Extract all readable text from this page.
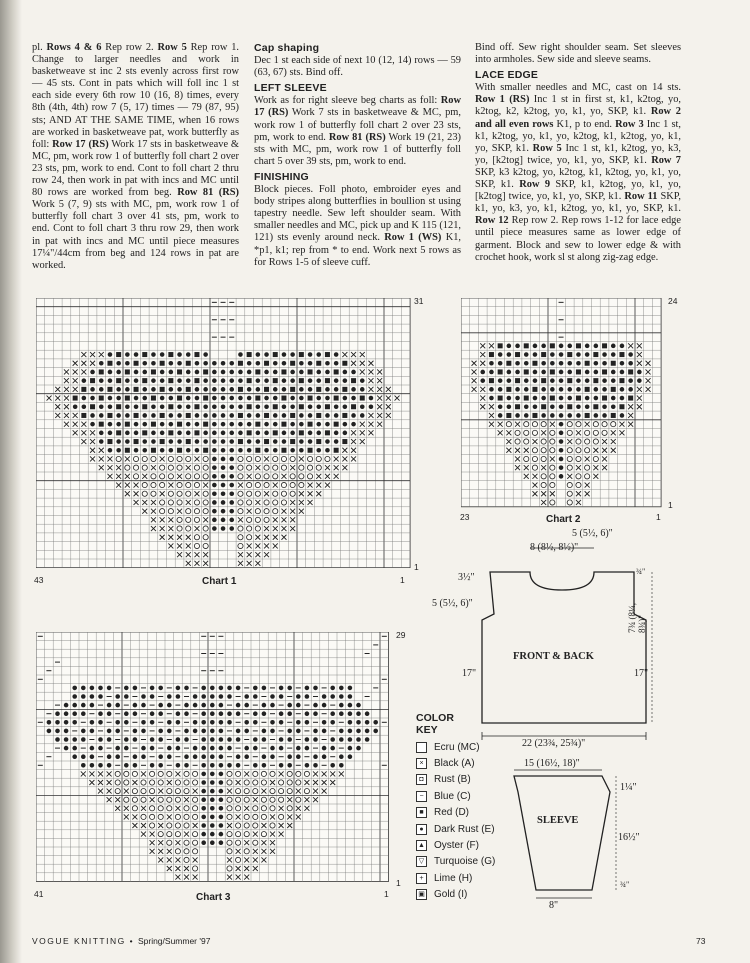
pl. Rows 4 & 6 Rep row 2. Row 5 Rep row 1. Change to larger needles and work in basketweave st inc 2 sts evenly across first row — 45 sts. Cont in pats which will foll inc 1 st each side every 6th row 10 (16, 8) times, every 8th (4th, 4th) row 7 (5, 17) times — 79 (87, 95) sts; AND AT THE SAME TIME, when 16 rows are worked in basketweave pat, work butterfly as foll: Row 17 (RS) Work 17 sts in basketweave & MC, pm, work row 1 of butterfly foll chart 2 over 23 sts, pm, work to end. Cont to foll chart 2 thru row 24, then work in pat with incs and MC until 80 rows are worked from beg. Row 81 (RS) Work 5 (7, 9) sts with MC, pm, work row 1 of butterfly foll chart 3 over 41 sts, pm, work to end. Cont to foll chart 3 thru row 29, then work in pat with incs and MC until piece measures 17¼"/44cm from beg and 124 rows in pat are worked.

Cap shaping

Dec 1 st each side of next 10 (12, 14) rows — 59 (63, 67) sts. Bind off.

LEFT SLEEVE

Work as for right sleeve beg charts as foll: Row 17 (RS) Work 7 sts in basketweave & MC, pm, work row 1 of butterfly foll chart 2 over 23 sts, pm, work to end. Row 81 (RS) Work 19 (21, 23) sts with MC, pm, work row 1 of butterfly foll chart 5 over 39 sts, pm, work to end.

FINISHING

Block pieces. Foll photo, embroider eyes and body stripes along butterflies in boullion st using tapestry needle. Sew left shoulder seam. With smaller needles and MC, pick up and K 115 (121, 121) sts evenly around neck. Row 1 (WS) K1, *p1, k1; rep from * to end. Work next 5 rows as for Rows 1-5 of sleeve cuff.

Bind off. Sew right shoulder seam. Set sleeves into armholes. Sew side and sleeve seams.

LACE EDGE

With smaller needles and MC, cast on 14 sts. Row 1 (RS) Inc 1 st in first st, k1, k2tog, yo, k2tog, k2, k2tog, yo, k1, yo, SKP, k1. Row 2 and all even rows K1, p to end. Row 3 Inc 1 st, k1, k2tog, yo, k1, yo, k2tog, k1, k2tog, yo, k1, yo, SKP, k1. Row 5 Inc 1 st, k1, k2tog, yo, k3, yo, [k2tog] twice, yo, k1, yo, SKP, k1. Row 7 SKP, k3 k2tog, yo, k2tog, k1, k2tog, yo, k1, yo, SKP, k1. Row 9 SKP, k1, k2tog, yo, k1, yo, [k2tog] twice, yo, k1, yo, SKP, k1. Row 11 SKP, k1, yo, k3, yo, k1, k2tog, yo, k1, yo, SKP, k1. Row 12 Rep row 2. Rep rows 1-12 for lace edge until piece measures same as lower edge of garment. Block and sew to lower edge & with crochet hook, work sl st along zig-zag edge.

31
1
43	1
Chart 1
24
1
23	1
Chart 2
29
1
41	1
Chart 3
5 (5½, 6)"
8 (8½, 8½)"
3½"
5 (5½, 6)"
FRONT & BACK
17"	17"
22 (23¾, 25¾)"
¾"
7¾ (8¼, 8¾)"
15 (16½, 18)"
SLEEVE
1¼"
16½"
¾"
8"
COLOR KEY
Ecru (MC)
×	Black (A)
◘	Rust (B)
−	Blue (C)
■	Red (D)
●	Dark Rust (E)
▲ Oyster (F)
▽ Turquoise (G)
+	Lime (H)
▣ Gold (I)
VOGUE KNITTING • Spring/Summer '97	73
